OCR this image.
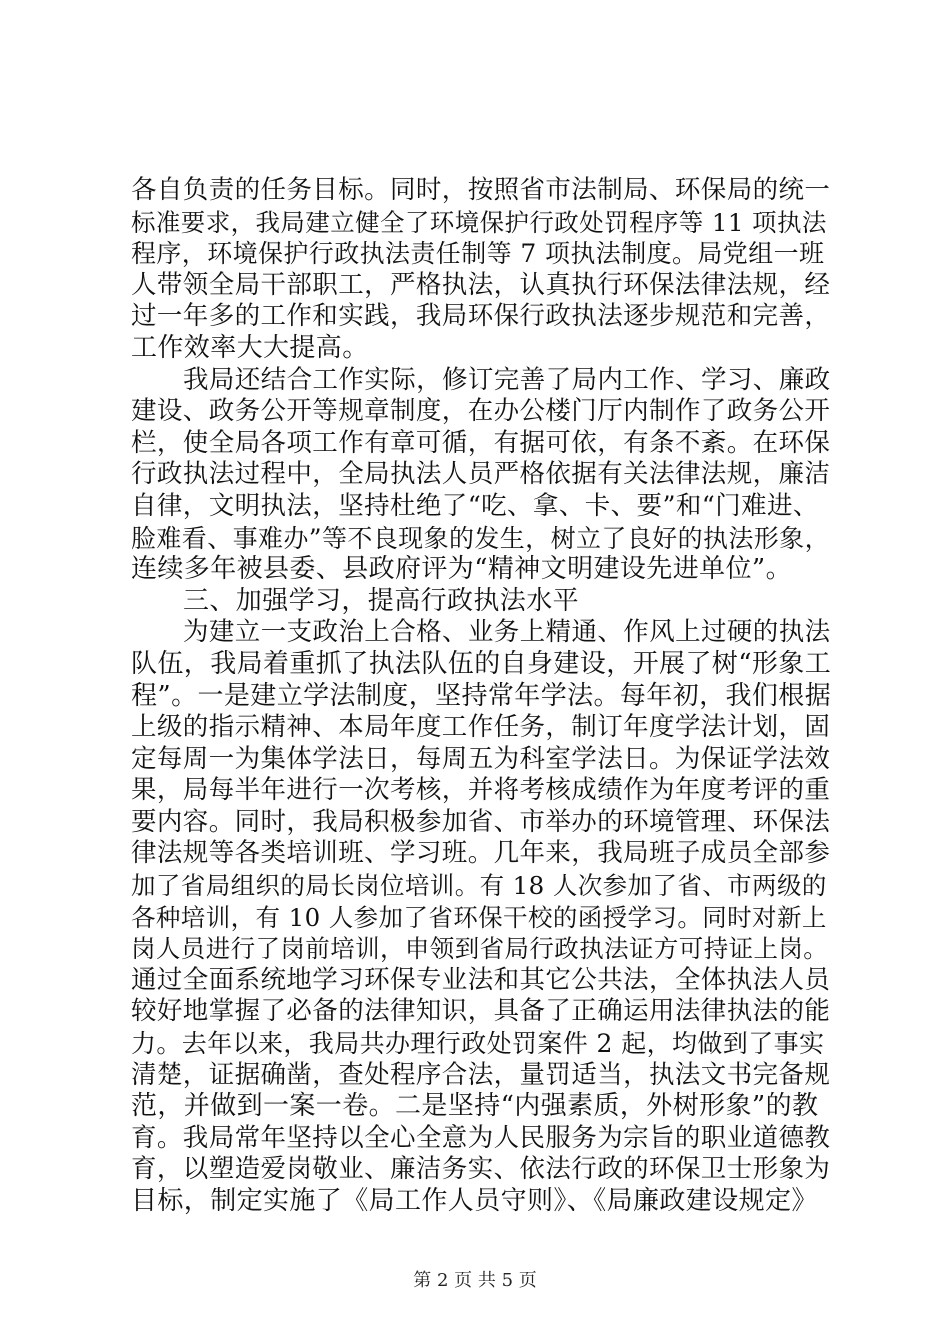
各自负责的任务目标。同时，按照省市法制局、环保局的统一
标准要求，我局建立健全了环境保护行政处罚程序等 11 项执法
程序，环境保护行政执法责任制等 7 项执法制度。局党组一班
人带领全局干部职工，严格执法，认真执行环保法律法规，经
过一年多的工作和实践，我局环保行政执法逐步规范和完善，
工作效率大大提高。
我局还结合工作实际，修订完善了局内工作、学习、廉政
建设、政务公开等规章制度，在办公楼门厅内制作了政务公开
栏，使全局各项工作有章可循，有据可依，有条不紊。在环保
行政执法过程中，全局执法人员严格依据有关法律法规，廉洁
自律，文明执法，坚持杜绝了“吃、拿、卡、要”和“门难进、
脸难看、事难办”等不良现象的发生，树立了良好的执法形象，
连续多年被县委、县政府评为“精神文明建设先进单位”。
三、加强学习，提高行政执法水平
为建立一支政治上合格、业务上精通、作风上过硬的执法
队伍，我局着重抓了执法队伍的自身建设，开展了树“形象工
程”。一是建立学法制度，坚持常年学法。每年初，我们根据
上级的指示精神、本局年度工作任务，制订年度学法计划，固
定每周一为集体学法日，每周五为科室学法日。为保证学法效
果，局每半年进行一次考核，并将考核成绩作为年度考评的重
要内容。同时，我局积极参加省、市举办的环境管理、环保法
律法规等各类培训班、学习班。几年来，我局班子成员全部参
加了省局组织的局长岗位培训。有 18 人次参加了省、市两级的
各种培训，有 10 人参加了省环保干校的函授学习。同时对新上
岗人员进行了岗前培训，申领到省局行政执法证方可持证上岗。
通过全面系统地学习环保专业法和其它公共法，全体执法人员
较好地掌握了必备的法律知识，具备了正确运用法律执法的能
力。去年以来，我局共办理行政处罚案件 2 起，均做到了事实
清楚，证据确凿，查处程序合法，量罚适当，执法文书完备规
范，并做到一案一卷。二是坚持“内强素质，外树形象”的教
育。我局常年坚持以全心全意为人民服务为宗旨的职业道德教
育，以塑造爱岗敬业、廉洁务实、依法行政的环保卫士形象为
目标，制定实施了《局工作人员守则》、《局廉政建设规定》
第 2 页 共 5 页
